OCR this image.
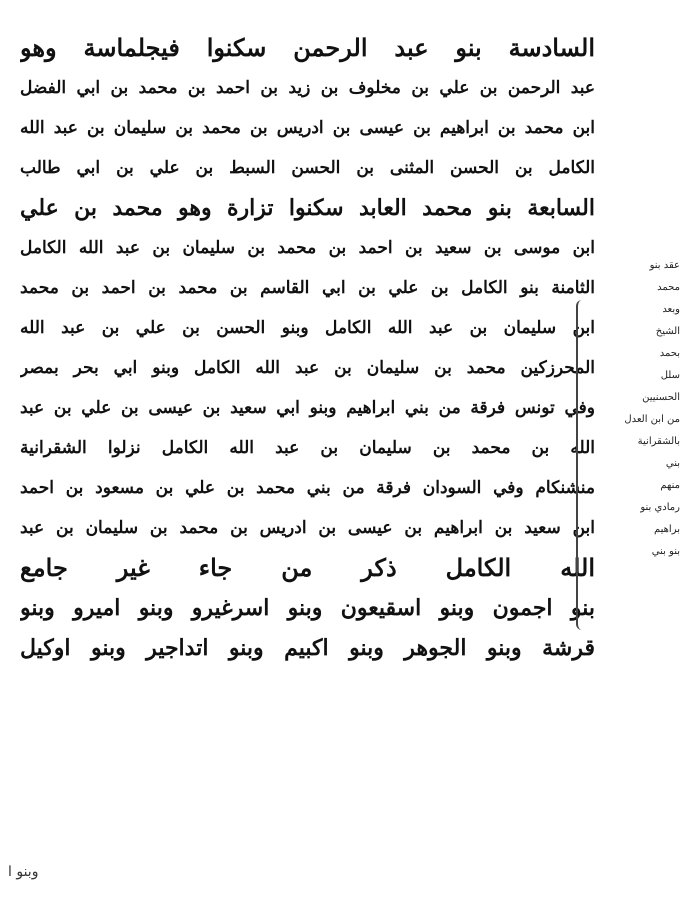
السادسة بنو عبد الرحمن سكنوا فيجلماسة وهو
عبد الرحمن بن علي بن مخلوف بن زيد بن احمد بن محمد بن ابي الفضل
ابن محمد بن ابراهيم بن عيسى بن ادريس بن محمد بن سليمان بن عبد الله
الكامل بن الحسن المثنى بن الحسن السبط بن علي بن ابي طالب
السابعة بنو محمد العابد سكنوا تزارة وهو محمد بن علي
ابن موسى بن سعيد بن احمد بن محمد بن سليمان بن عبد الله الكامل
الثامنة بنو الكامل بن علي بن ابي القاسم بن محمد بن احمد بن محمد
ابن سليمان بن عبد الله الكامل وبنو الحسن بن علي بن عبد الله
المحرزكين محمد بن سليمان بن عبد الله الكامل وبنو ابي بحر بمصر
وفي تونس فرقة من بني ابراهيم وبنو ابي سعيد بن عيسى بن علي بن عبد
الله بن محمد بن سليمان بن عبد الله الكامل نزلوا الشقرانية
منشنكام وفي السودان فرقة من بني محمد بن علي بن مسعود بن احمد
ابن سعيد بن ابراهيم بن عيسى بن ادريس بن محمد بن سليمان بن عبد
الله الكامل ذكر من جاء غير جامع
بنو اجمون وبنو اسقيعون وبنو اسرغيرو وبنو اميرو وبنو
قرشة وبنو الجوهر وبنو اكبيم وبنو اتداجير وبنو اوكيل
عقد بنو
محمد
وبعد
الشيخ
بحمد
سلل
الحسنيين
من ابن العدل
بالشقرانية
بني
منهم
رمادي بنو
براهيم
بنو بني
وبنو ا
